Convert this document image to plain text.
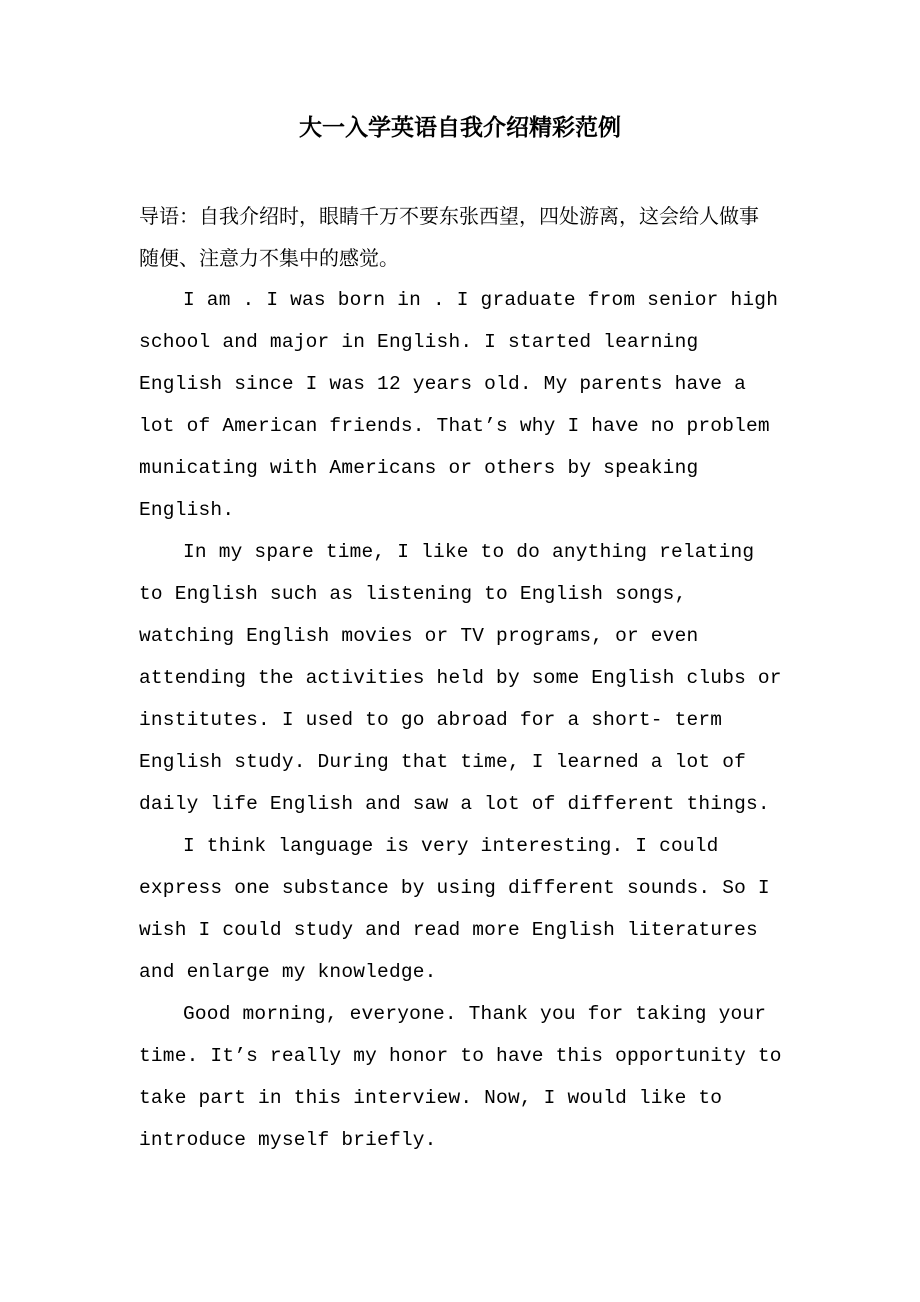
大一入学英语自我介绍精彩范例

导语：自我介绍时，眼睛千万不要东张西望，四处游离，这会给人做事随便、注意力不集中的感觉。

I am . I was born in . I graduate from senior high school and major in English. I started learning English since I was 12 years old. My parents have a lot of American friends. That’s why I have no problem municating with Americans or others by speaking English.

In my spare time, I like to do anything relating to English such as listening to English songs, watching English movies or TV programs, or even attending the activities held by some English clubs or institutes. I used to go abroad for a short- term English study. During that time, I learned a lot of daily life English and saw a lot of different things.

I think language is very interesting. I could express one substance by using different sounds. So I wish I could study and read more English literatures and enlarge my knowledge.

Good morning, everyone. Thank you for taking your time. It’s really my honor to have this opportunity to take part in this interview. Now, I would like to introduce myself briefly.
